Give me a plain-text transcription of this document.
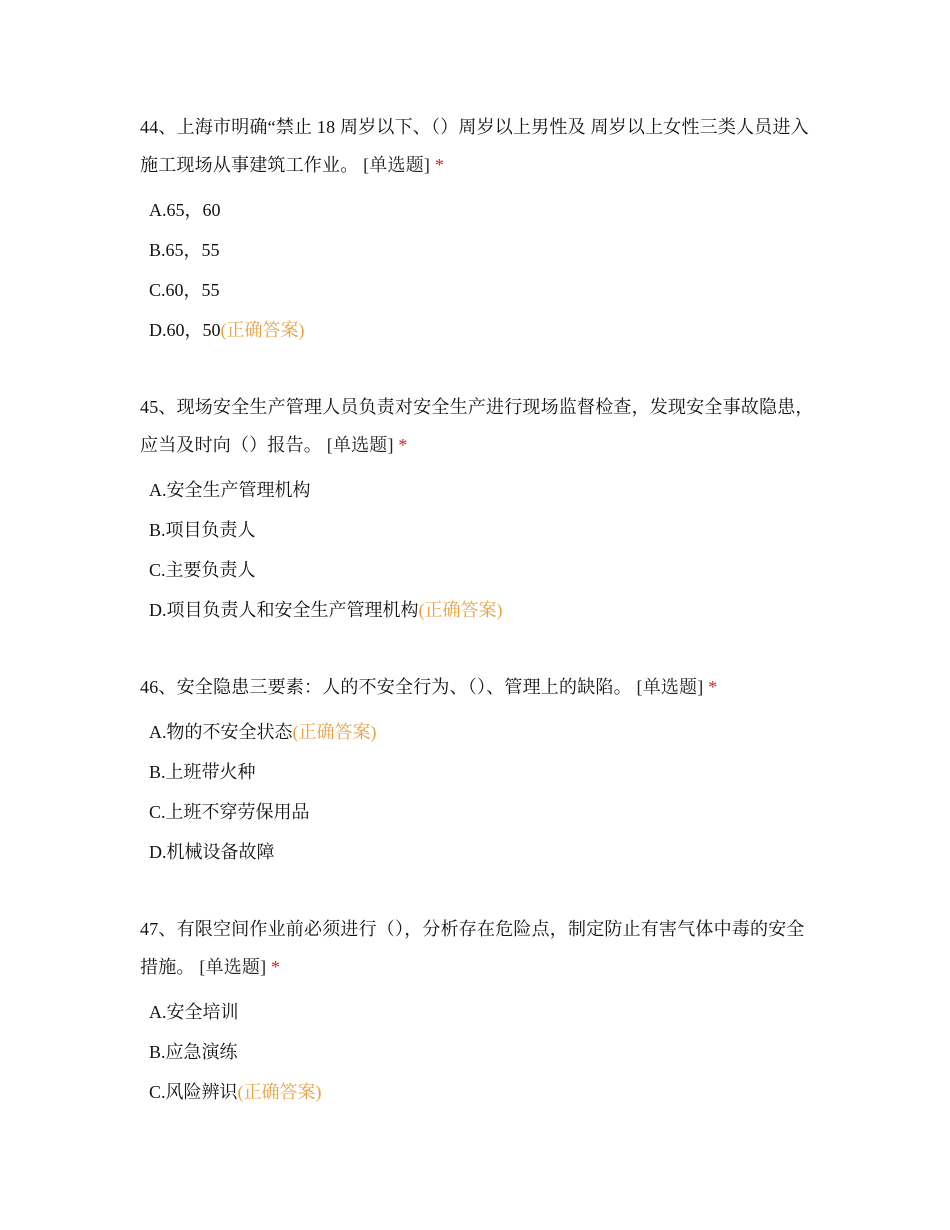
44、上海市明确“禁止 18 周岁以下、（）周岁以上男性及 周岁以上女性三类人员进入施工现场从事建筑工作业。 [单选题] *

A.65，60
B.65，55
C.60，55
D.60，50(正确答案)

45、现场安全生产管理人员负责对安全生产进行现场监督检查，发现安全事故隐患，应当及时向（）报告。 [单选题] *

A.安全生产管理机构
B.项目负责人
C.主要负责人
D.项目负责人和安全生产管理机构(正确答案)

46、安全隐患三要素：人的不安全行为、（）、管理上的缺陷。 [单选题] *

A.物的不安全状态(正确答案)
B.上班带火种
C.上班不穿劳保用品
D.机械设备故障

47、有限空间作业前必须进行（），分析存在危险点，制定防止有害气体中毒的安全措施。 [单选题] *

A.安全培训
B.应急演练
C.风险辨识(正确答案)
